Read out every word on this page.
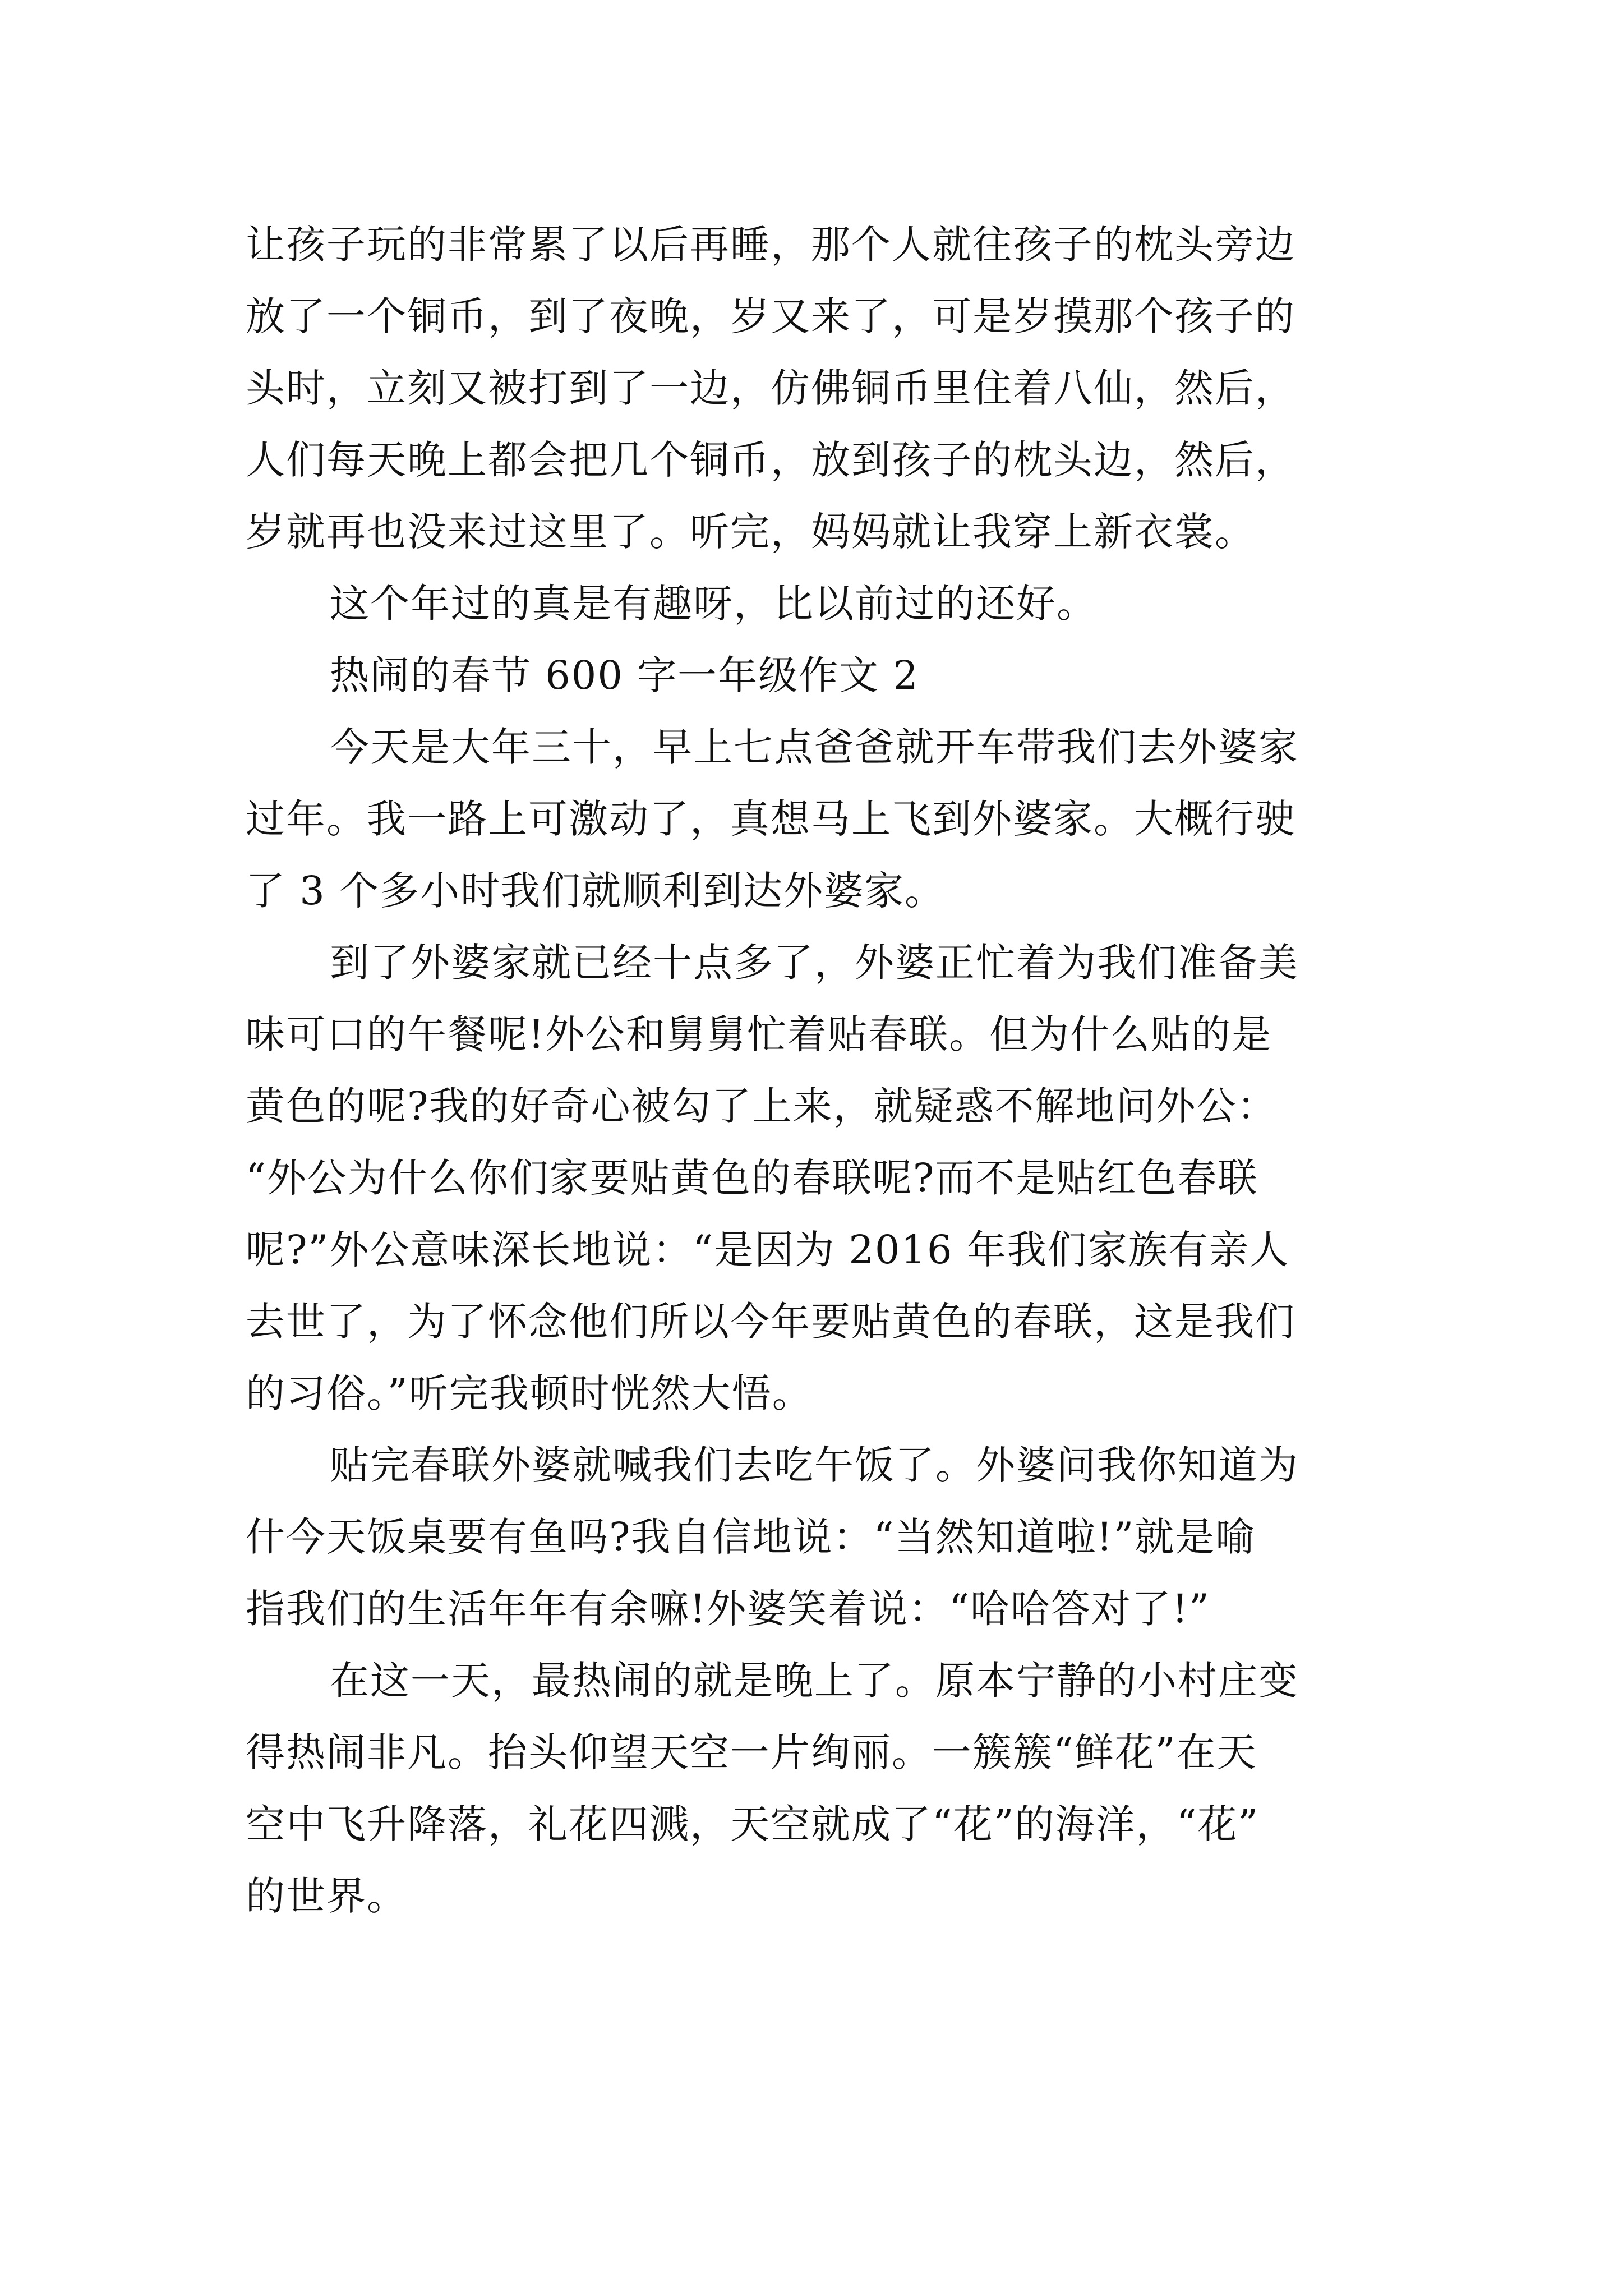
让孩子玩的非常累了以后再睡，那个人就往孩子的枕头旁边
放了一个铜币，到了夜晚，岁又来了，可是岁摸那个孩子的
头时，立刻又被打到了一边，仿佛铜币里住着八仙，然后，
人们每天晚上都会把几个铜币，放到孩子的枕头边，然后，
岁就再也没来过这里了。听完，妈妈就让我穿上新衣裳。
这个年过的真是有趣呀，比以前过的还好。
热闹的春节 600 字一年级作文 2
今天是大年三十，早上七点爸爸就开车带我们去外婆家
过年。我一路上可激动了，真想马上飞到外婆家。大概行驶
了 3 个多小时我们就顺利到达外婆家。
到了外婆家就已经十点多了，外婆正忙着为我们准备美
味可口的午餐呢!外公和舅舅忙着贴春联。但为什么贴的是
黄色的呢?我的好奇心被勾了上来，就疑惑不解地问外公：
“外公为什么你们家要贴黄色的春联呢?而不是贴红色春联
呢?”外公意味深长地说：“是因为 2016 年我们家族有亲人
去世了，为了怀念他们所以今年要贴黄色的春联，这是我们
的习俗。”听完我顿时恍然大悟。
贴完春联外婆就喊我们去吃午饭了。外婆问我你知道为
什今天饭桌要有鱼吗?我自信地说：“当然知道啦!”就是喻
指我们的生活年年有余嘛!外婆笑着说：“哈哈答对了!”
在这一天，最热闹的就是晚上了。原本宁静的小村庄变
得热闹非凡。抬头仰望天空一片绚丽。一簇簇“鲜花”在天
空中飞升降落，礼花四溅，天空就成了“花”的海洋，“花”
的世界。
